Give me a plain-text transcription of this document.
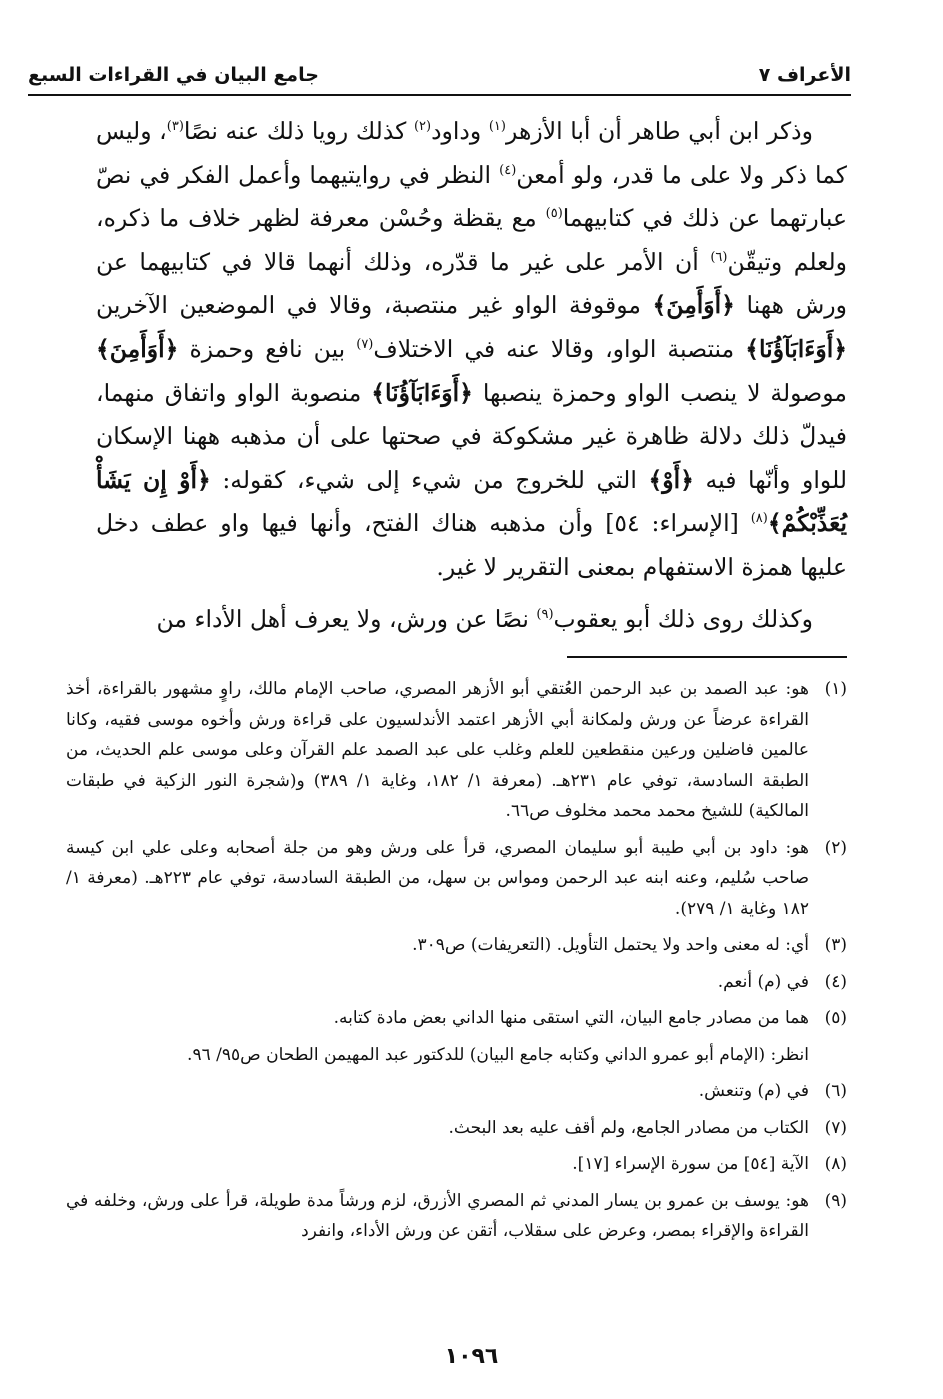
الأعراف ٧
جامع البيان في القراءات السبع

وذكر ابن أبي طاهر أن أبا الأزهر$^{(١)}$ وداود$^{(٢)}$ كذلك رويا ذلك عنه نصًا$^{(٣)}$، وليس كما ذكر ولا على ما قدر، ولو أمعن$^{(٤)}$ النظر في روايتيهما وأعمل الفكر في نصّ عبارتهما عن ذلك في كتابيهما$^{(٥)}$ مع يقظة وحُسْن معرفة لظهر خلاف ما ذكره، ولعلم وتيقّن$^{(٦)}$ أن الأمر على غير ما قدّره، وذلك أنهما قالا في كتابيهما عن ورش ههنا ﴿أَوَأَمِنَ﴾ موقوفة الواو غير منتصبة، وقالا في الموضعين الآخرين ﴿أَوَءَابَآؤُنَا﴾ منتصبة الواو، وقالا عنه في الاختلاف$^{(٧)}$ بين نافع وحمزة ﴿أَوَأَمِنَ﴾ موصولة لا ينصب الواو وحمزة ينصبها ﴿أَوَءَابَآؤُنَا﴾ منصوبة الواو واتفاق منهما، فيدلّ ذلك دلالة ظاهرة غير مشكوكة في صحتها على أن مذهبه ههنا الإسكان للواو وأنّها فيه ﴿أَوْ﴾ التي للخروج من شيء إلى شيء، كقوله: ﴿أَوْ إِن يَشَأْ يُعَذِّبْكُمْ﴾$^{(٨)}$ [الإسراء: ٥٤] وأن مذهبه هناك الفتح، وأنها فيها واو عطف دخل عليها همزة الاستفهام بمعنى التقرير لا غير.

وكذلك روى ذلك أبو يعقوب$^{(٩)}$ نصًا عن ورش، ولا يعرف أهل الأداء من

(١)
هو: عبد الصمد بن عبد الرحمن العُتقي أبو الأزهر المصري، صاحب الإمام مالك، راوٍ مشهور بالقراءة، أخذ القراءة عرضاً عن ورش ولمكانة أبي الأزهر اعتمد الأندلسيون على قراءة ورش وأخوه موسى فقيه، وكانا عالمين فاضلين ورعين منقطعين للعلم وغلب على عبد الصمد علم القرآن وعلى موسى علم الحديث، من الطبقة السادسة، توفي عام ٢٣١هـ. (معرفة ١/ ١٨٢، وغاية ١/ ٣٨٩) و(شجرة النور الزكية في طبقات المالكية) للشيخ محمد محمد مخلوف ص٦٦.
(٢)
هو: داود بن أبي طيبة أبو سليمان المصري، قرأ على ورش وهو من جلة أصحابه وعلى علي ابن كيسة صاحب سُليم، وعنه ابنه عبد الرحمن ومواس بن سهل، من الطبقة السادسة، توفي عام ٢٢٣هـ. (معرفة ١/ ١٨٢ وغاية ١/ ٢٧٩).
(٣)
أي: له معنى واحد ولا يحتمل التأويل. (التعريفات) ص٣٠٩.
(٤)
في (م) أنعم.
(٥)
هما من مصادر جامع البيان، التي استقى منها الداني بعض مادة كتابه.
انظر: (الإمام أبو عمرو الداني وكتابه جامع البيان) للدكتور عبد المهيمن الطحان ص٩٥/ ٩٦.
(٦)
في (م) وتنعش.
(٧)
الكتاب من مصادر الجامع، ولم أقف عليه بعد البحث.
(٨)
الآية [٥٤] من سورة الإسراء [١٧].
(٩)
هو: يوسف بن عمرو بن يسار المدني ثم المصري الأزرق، لزم ورشاً مدة طويلة، قرأ على ورش، وخلفه في القراءة والإقراء بمصر، وعرض على سقلاب، أتقن عن ورش الأداء، وانفرد
١٠٩٦
